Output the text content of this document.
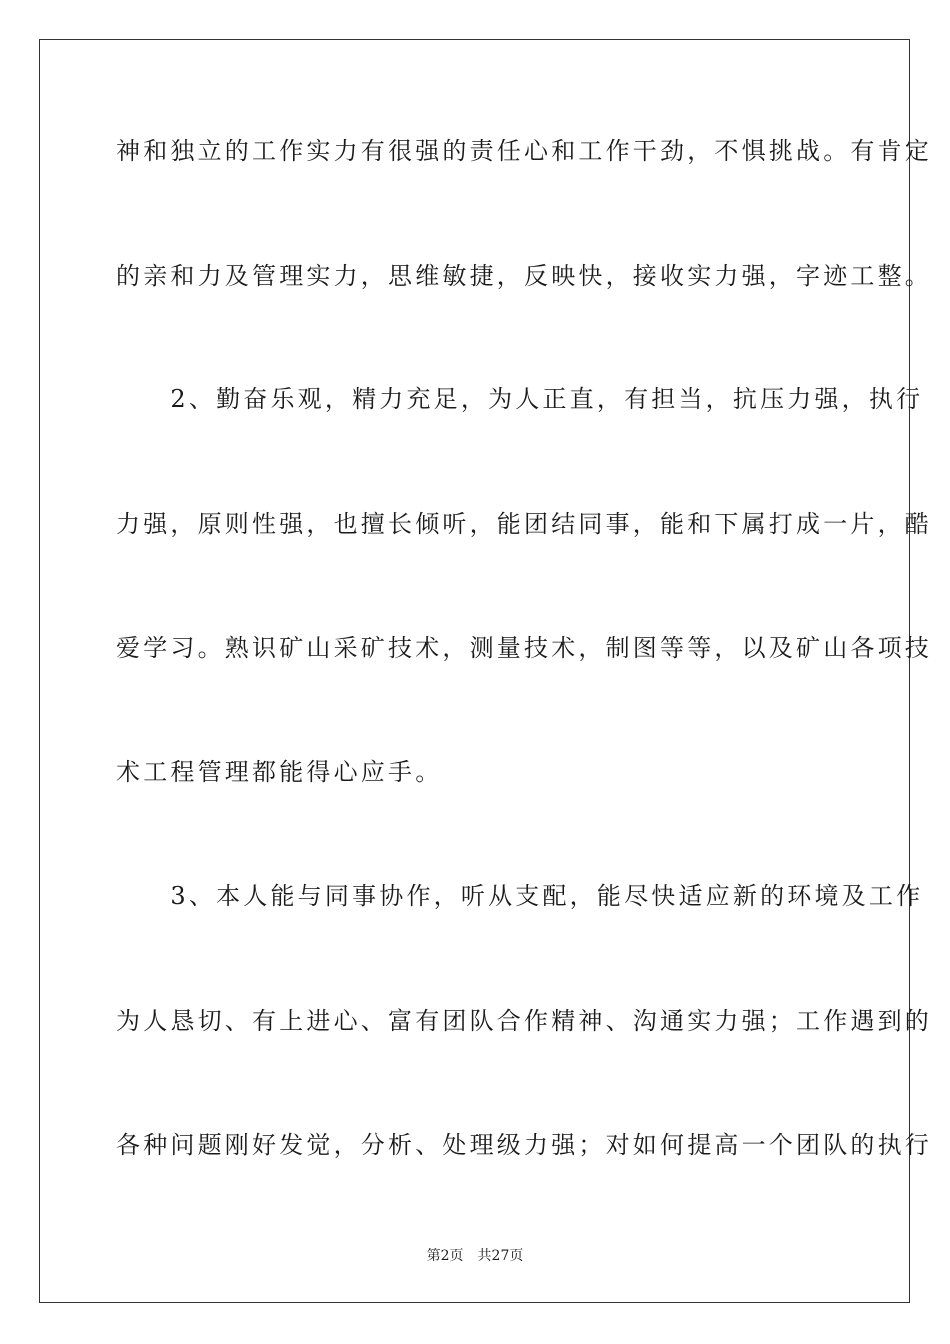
神和独立的工作实力有很强的责任心和工作干劲，不惧挑战。有肯定
的亲和力及管理实力，思维敏捷，反映快，接收实力强，字迹工整。
　　2、勤奋乐观，精力充足，为人正直，有担当，抗压力强，执行
力强，原则性强，也擅长倾听，能团结同事，能和下属打成一片，酷
爱学习。熟识矿山采矿技术，测量技术，制图等等，以及矿山各项技
术工程管理都能得心应手。
　　3、本人能与同事协作，听从支配，能尽快适应新的环境及工作
为人恳切、有上进心、富有团队合作精神、沟通实力强；工作遇到的
各种问题刚好发觉，分析、处理级力强；对如何提高一个团队的执行
第2页 共27页
